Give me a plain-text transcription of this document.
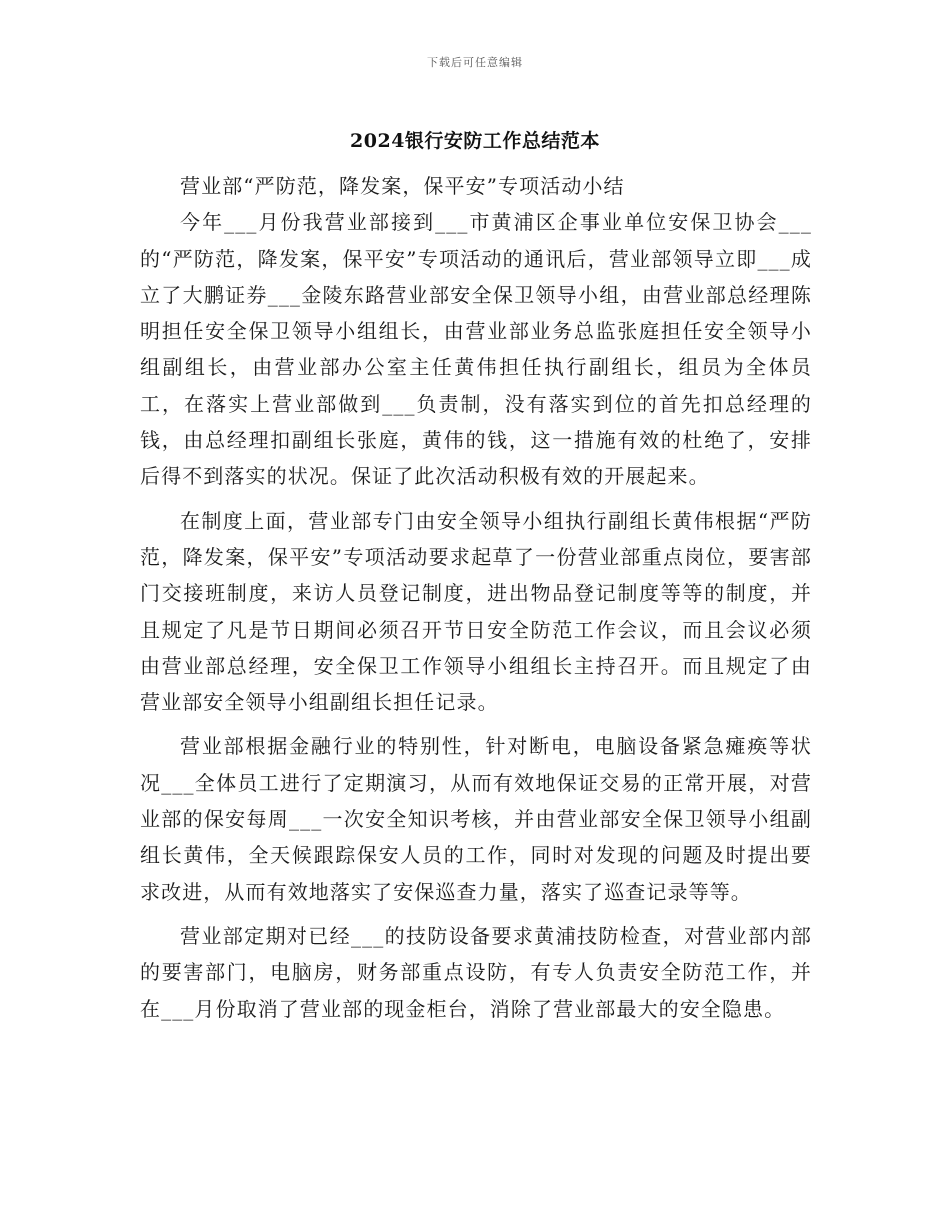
下载后可任意编辑
2024银行安防工作总结范本

营业部“严防范，降发案，保平安”专项活动小结

今年___月份我营业部接到___市黄浦区企事业单位安保卫协会___的“严防范，降发案，保平安”专项活动的通讯后，营业部领导立即___成立了大鹏证券___金陵东路营业部安全保卫领导小组，由营业部总经理陈明担任安全保卫领导小组组长，由营业部业务总监张庭担任安全领导小组副组长，由营业部办公室主任黄伟担任执行副组长，组员为全体员工，在落实上营业部做到___负责制，没有落实到位的首先扣总经理的钱，由总经理扣副组长张庭，黄伟的钱，这一措施有效的杜绝了，安排后得不到落实的状况。保证了此次活动积极有效的开展起来。

在制度上面，营业部专门由安全领导小组执行副组长黄伟根据“严防范，降发案，保平安”专项活动要求起草了一份营业部重点岗位，要害部门交接班制度，来访人员登记制度，进出物品登记制度等等的制度，并且规定了凡是节日期间必须召开节日安全防范工作会议，而且会议必须由营业部总经理，安全保卫工作领导小组组长主持召开。而且规定了由营业部安全领导小组副组长担任记录。

营业部根据金融行业的特别性，针对断电，电脑设备紧急瘫痪等状况___全体员工进行了定期演习，从而有效地保证交易的正常开展，对营业部的保安每周___一次安全知识考核，并由营业部安全保卫领导小组副组长黄伟，全天候跟踪保安人员的工作，同时对发现的问题及时提出要求改进，从而有效地落实了安保巡查力量，落实了巡查记录等等。

营业部定期对已经___的技防设备要求黄浦技防检查，对营业部内部的要害部门，电脑房，财务部重点设防，有专人负责安全防范工作，并在___月份取消了营业部的现金柜台，消除了营业部最大的安全隐患。
